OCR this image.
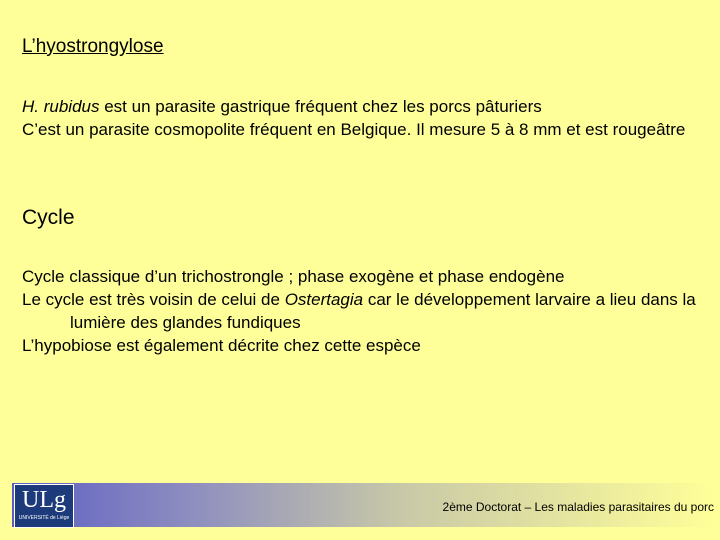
L’hyostrongylose

H. rubidus est un parasite gastrique fréquent chez les porcs pâturiers

C’est un parasite cosmopolite fréquent en Belgique. Il mesure 5 à 8 mm et est rougeâtre

Cycle

Cycle classique d’un trichostrongle ; phase exogène et phase endogène

Le cycle est très voisin de celui de Ostertagia car le développement larvaire a lieu dans la lumière des glandes fundiques

L’hypobiose est également décrite chez cette espèce

ULg
UNIVERSITÉ de Liège
2ème Doctorat – Les maladies parasitaires du porc
